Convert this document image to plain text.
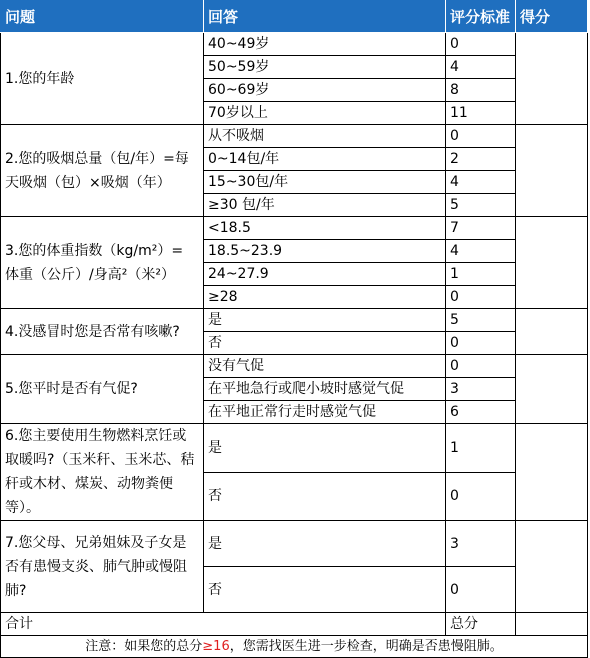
问题	回答	评分标准	得分
1.您的年龄	40~49岁	0	
	50~59岁	4	
	60~69岁	8	
	70岁以上	11	
2.您的吸烟总量（包/年）=每天吸烟（包）×吸烟（年）	从不吸烟	0	
	0~14包/年	2	
	15~30包/年	4	
	≥30 包/年	5	
3.您的体重指数（kg/m²）= 体重（公斤）/身高²（米²）	<18.5	7	
	18.5~23.9	4	
	24~27.9	1	
	≥28	0	
4.没感冒时您是否常有咳嗽?	是	5	
	否	0	
5.您平时是否有气促?	没有气促	0	
	在平地急行或爬小坡时感觉气促	3	
	在平地正常行走时感觉气促	6	
6.您主要使用生物燃料烹饪或取暖吗?（玉米秆、玉米芯、秸秆或木材、煤炭、动物粪便等）。	是	1	
	否	0	
7.您父母、兄弟姐妹及子女是否有患慢支炎、肺气肿或慢阻肺?	是	3	
	否	0	
合计		总分	
注意：如果您的总分≥16，您需找医生进一步检查，明确是否患慢阻肺。			
